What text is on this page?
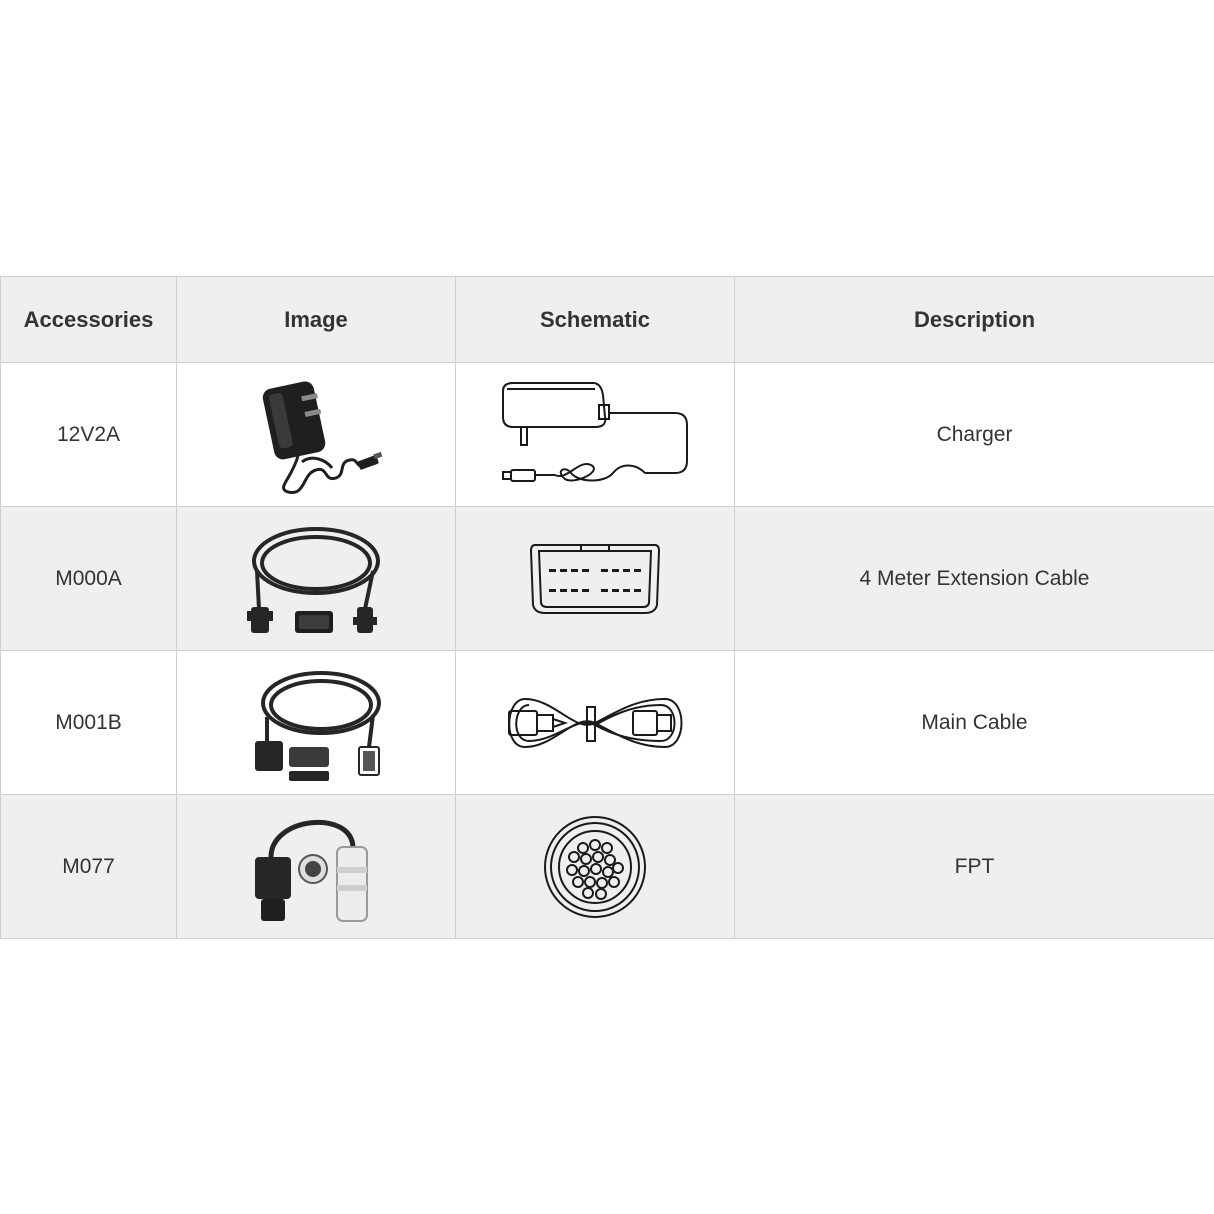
Accessories	Image	Schematic	Description
12V2A			Charger
M000A			4 Meter Extension Cable
M001B			Main Cable
M077			FPT
